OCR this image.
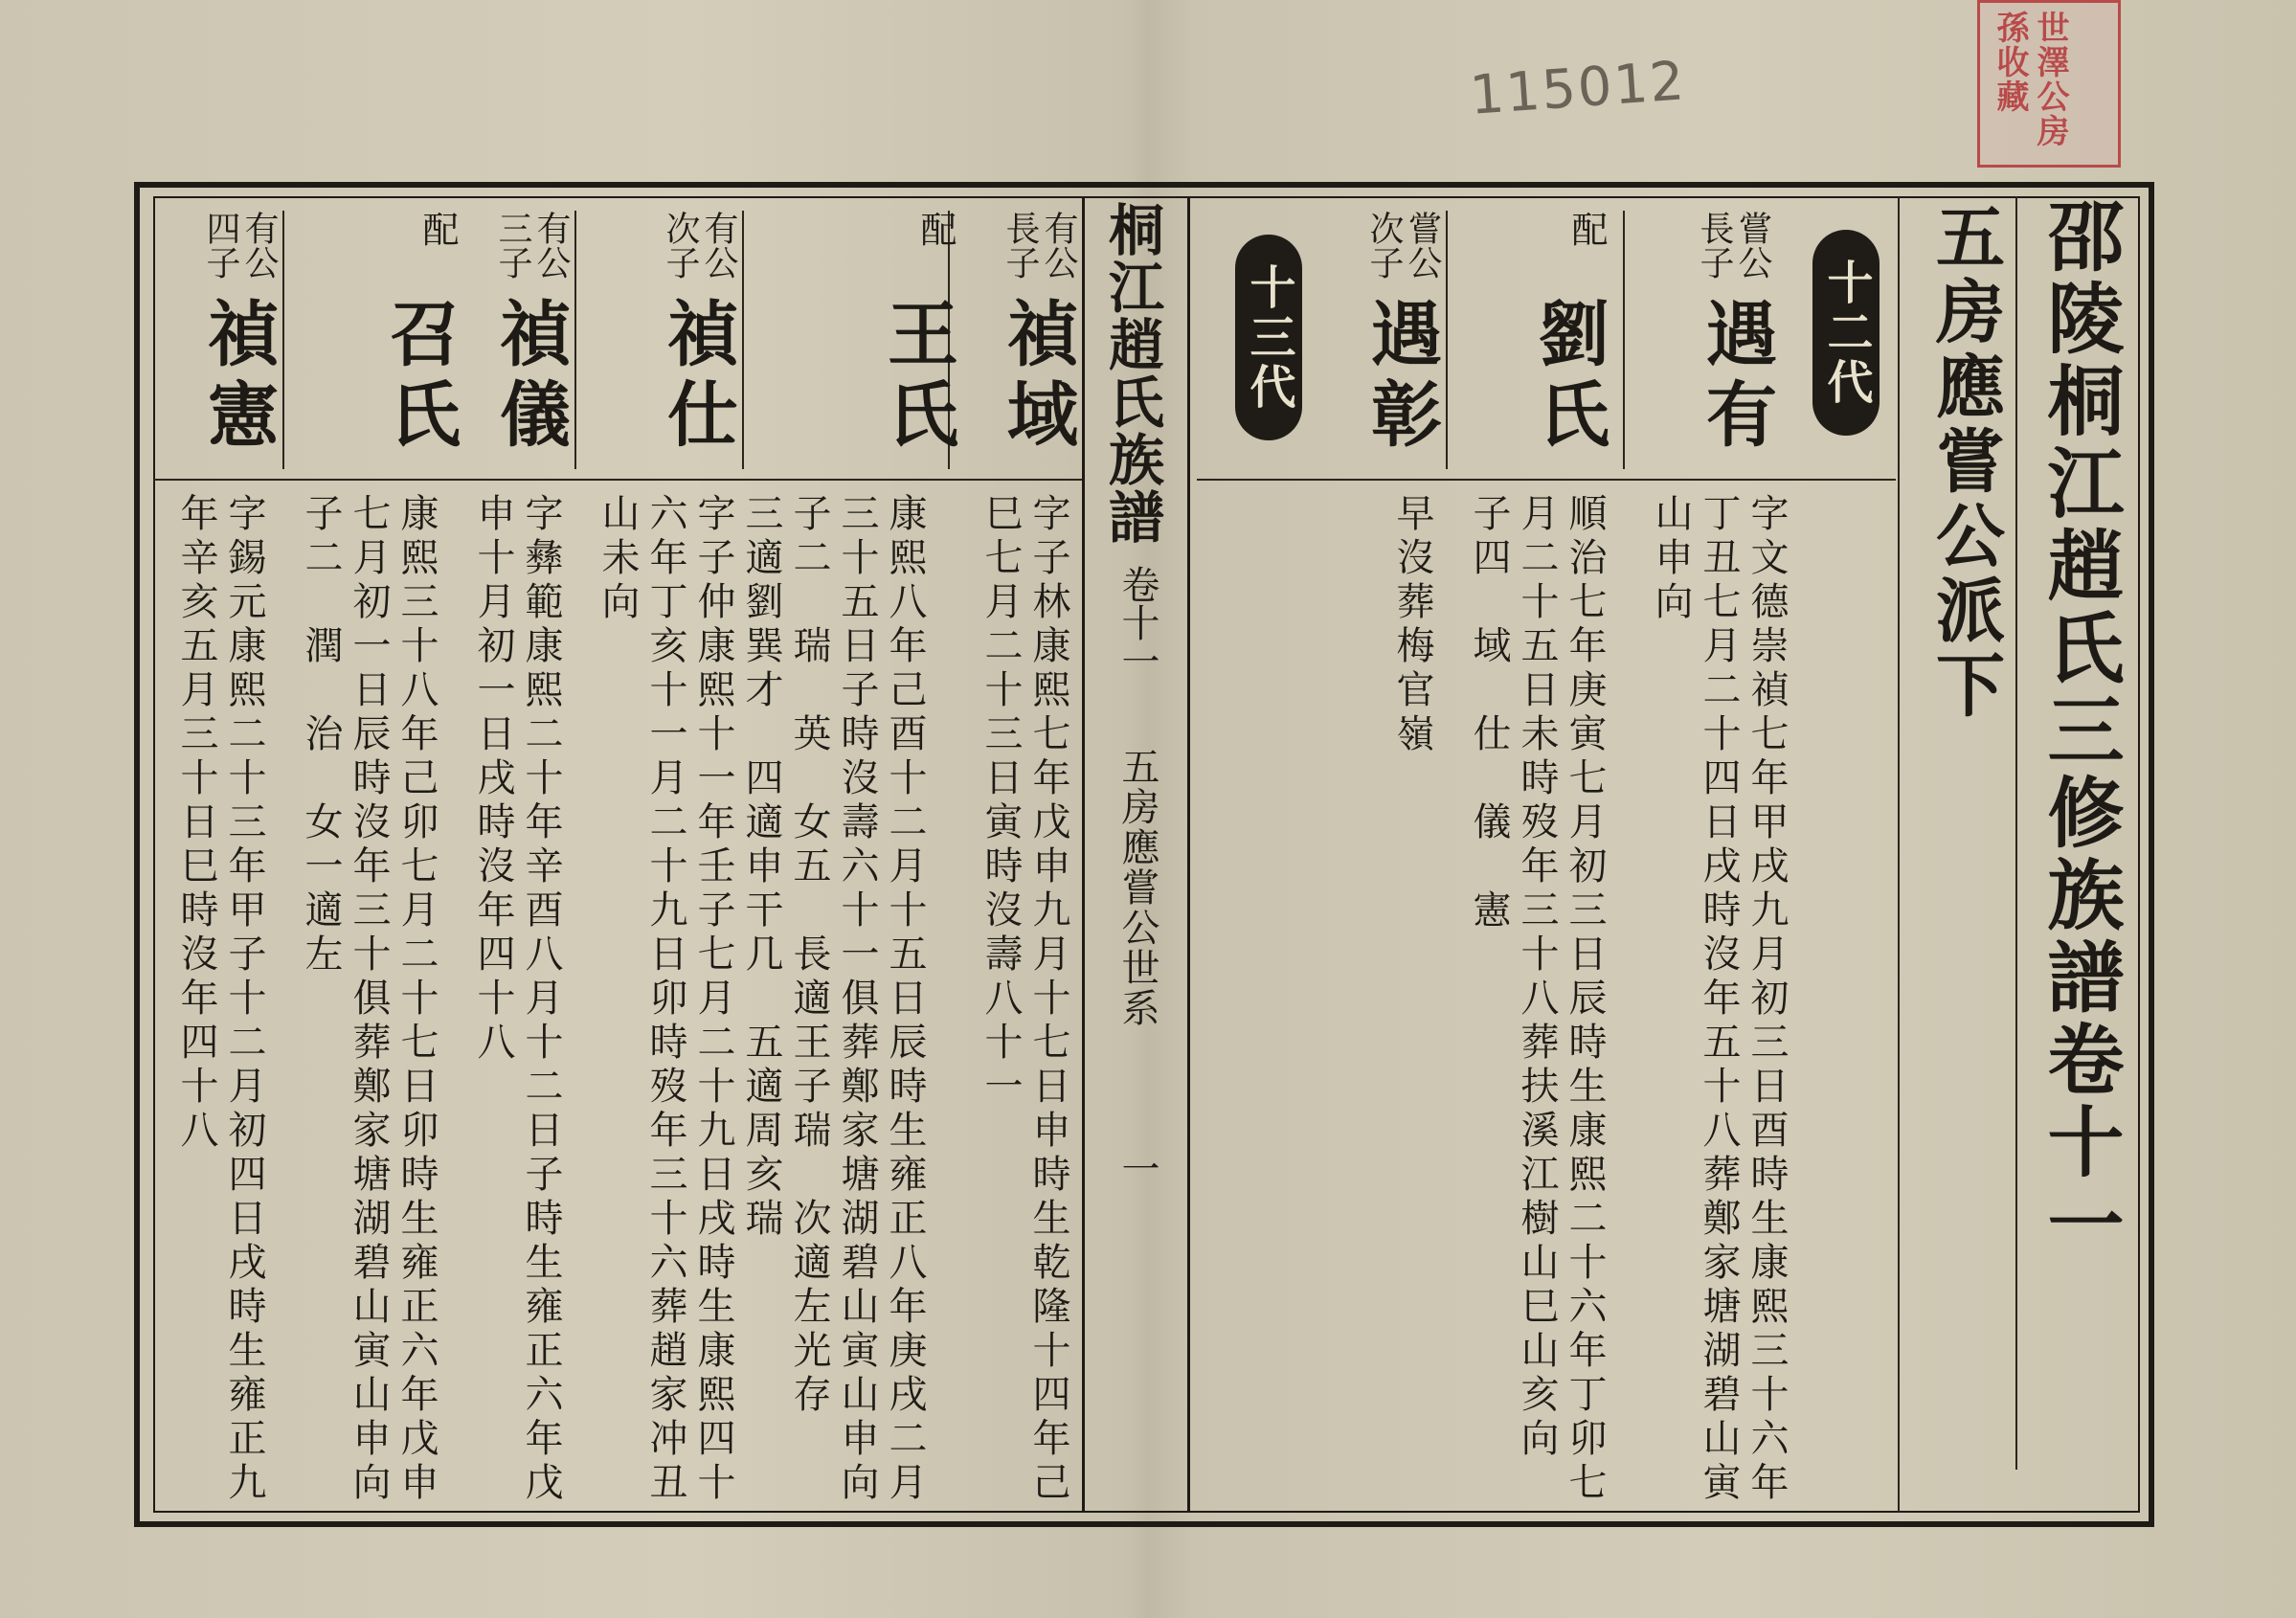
115012	世澤公房孫收藏
邵陵桐江趙氏三修族譜卷十一
五房應嘗公派下
桐江趙氏族譜
卷十一
五房應嘗公世系
一
十二代
嘗公
長子
遇有
字文德崇禎七年甲戌九月初三日酉時生康熙三十六年
丁丑七月二十四日戌時沒年五十八葬鄭家塘湖碧山寅
山申向
配
劉氏
順治七年庚寅七月初三日辰時生康熙二十六年丁卯七
月二十五日未時歿年三十八葬扶溪江樹山巳山亥向
子四　域　仕　儀　憲
嘗公
次子
遇彰
早沒葬梅官嶺
十三代
有公
長子
禎域
字子林康熙七年戊申九月十七日申時生乾隆十四年己
巳七月二十三日寅時沒壽八十一
配
王氏
康熙八年己酉十二月十五日辰時生雍正八年庚戌二月
三十五日子時沒壽六十一俱葬鄭家塘湖碧山寅山申向
子二　瑞　英　女五　長適王子瑞　次適左光存
三適劉巽才　四適申干几　五適周亥瑞
有公
次子
禎仕
字子仲康熙十一年壬子七月二十九日戌時生康熙四十
六年丁亥十一月二十九日卯時歿年三十六葬趙家冲丑
山未向
有公
三子
禎儀
字彝範康熙二十年辛酉八月十二日子時生雍正六年戊
申十月初一日戌時沒年四十八
配
召氏
康熙三十八年己卯七月二十七日卯時生雍正六年戊申
七月初一日辰時沒年三十俱葬鄭家塘湖碧山寅山申向
子二　潤　治　女一適左
有公
四子
禎憲
字錫元康熙二十三年甲子十二月初四日戌時生雍正九
年辛亥五月三十日巳時沒年四十八
